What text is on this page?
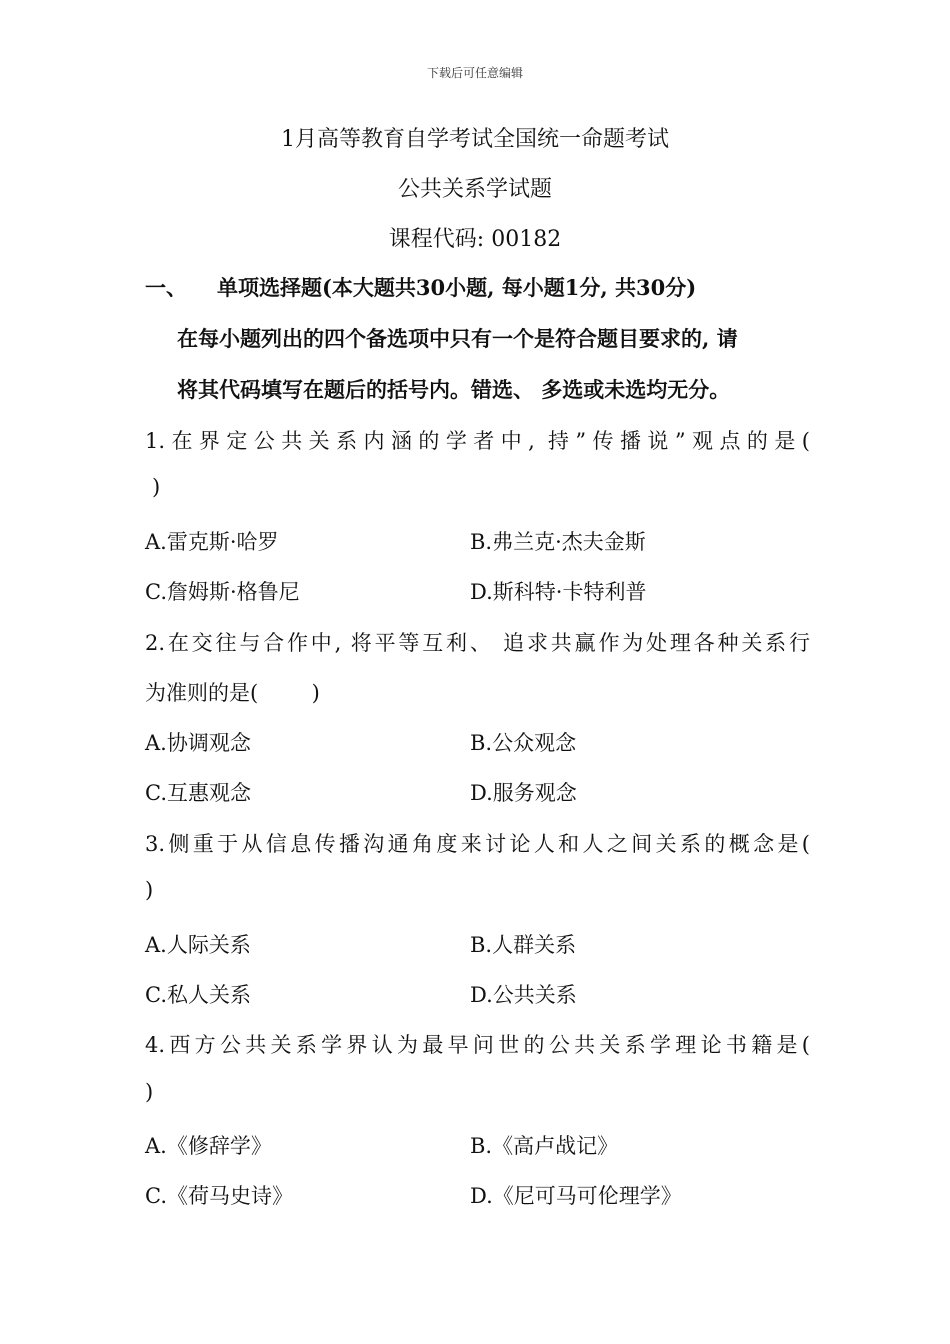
下载后可任意编辑
1月高等教育自学考试全国统一命题考试
公共关系学试题
课程代码: 00182
一、 单项选择题(本大题共30小题, 每小题1分, 共30分)
在每小题列出的四个备选项中只有一个是符合题目要求的, 请
将其代码填写在题后的括号内。错选、 多选或未选均无分。
1.在界定公共关系内涵的学者中, 持”传播说”观点的是(
)
A.雷克斯·哈罗	B.弗兰克·杰夫金斯
C.詹姆斯·格鲁尼	D.斯科特·卡特利普
2.在交往与合作中, 将平等互利、 追求共赢作为处理各种关系行
为准则的是(        )
A.协调观念	B.公众观念
C.互惠观念	D.服务观念
3.侧重于从信息传播沟通角度来讨论人和人之间关系的概念是(
)
A.人际关系	B.人群关系
C.私人关系	D.公共关系
4.西方公共关系学界认为最早问世的公共关系学理论书籍是(
)
A.《修辞学》	B.《高卢战记》
C.《荷马史诗》	D.《尼可马可伦理学》
